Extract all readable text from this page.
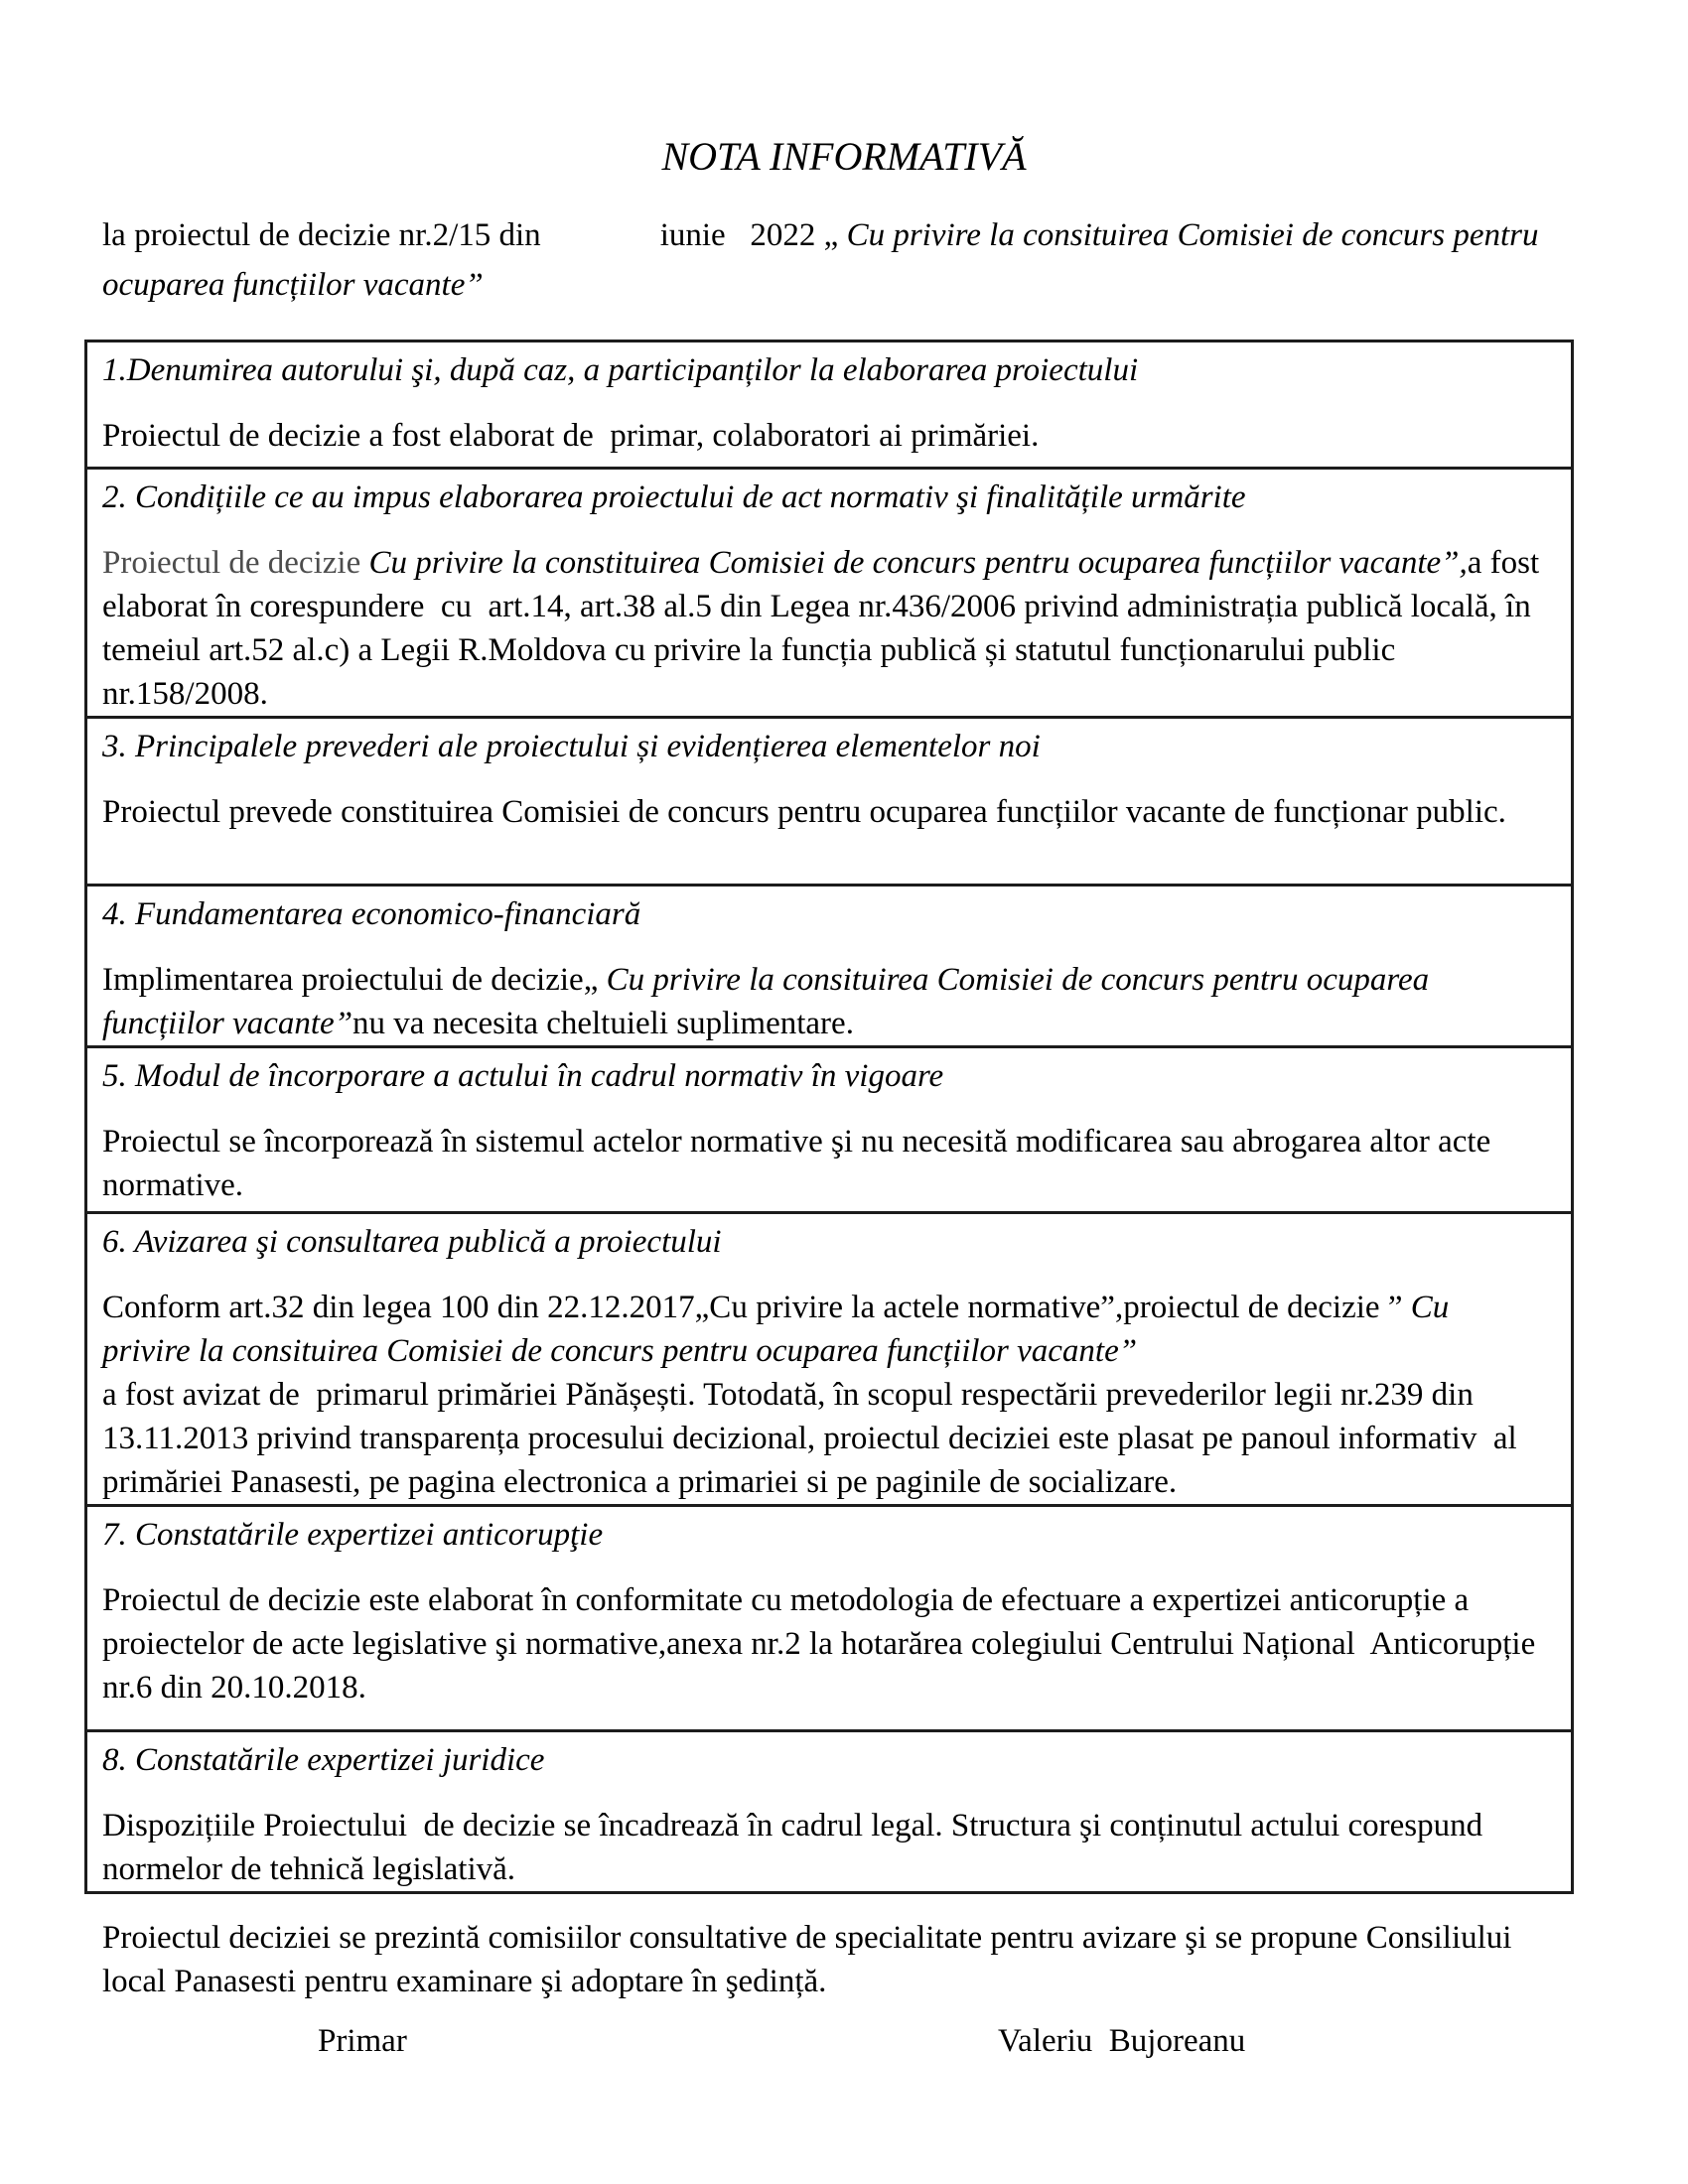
NOTA INFORMATIVĂ

la proiectul de decizie nr.2/15 din	iunie   2022 „ Cu privire la consituirea Comisiei de concurs pentru
ocuparea funcțiilor vacante”

1.Denumirea autorului şi, după caz, a participanților la elaborarea proiectului

Proiectul de decizie a fost elaborat de  primar, colaboratori ai primăriei.

2. Condițiile ce au impus elaborarea proiectului de act normativ şi finalitățile urmărite

Proiectul de decizie Cu privire la constituirea Comisiei de concurs pentru ocuparea funcțiilor vacante”,a fost elaborat în corespundere  cu  art.14, art.38 al.5 din Legea nr.436/2006 privind administrația publică locală, în temeiul art.52 al.c) a Legii R.Moldova cu privire la funcția publică și statutul funcționarului public nr.158/2008.

3. Principalele prevederi ale proiectului și evidențierea elementelor noi

Proiectul prevede constituirea Comisiei de concurs pentru ocuparea funcțiilor vacante de funcționar public.

4. Fundamentarea economico-financiară

Implimentarea proiectului de decizie„ Cu privire la consituirea Comisiei de concurs pentru ocuparea funcțiilor vacante”nu va necesita cheltuieli suplimentare.

5. Modul de încorporare a actului în cadrul normativ în vigoare

Proiectul se încorporează în sistemul actelor normative şi nu necesită modificarea sau abrogarea altor acte normative.

6. Avizarea şi consultarea publică a proiectului

Conform art.32 din legea 100 din 22.12.2017„Cu privire la actele normative”,proiectul de decizie ” Cu
privire la consituirea Comisiei de concurs pentru ocuparea funcțiilor vacante”

a fost avizat de  primarul primăriei Pănășești. Totodată, în scopul respectării prevederilor legii nr.239 din 13.11.2013 privind transparența procesului decizional, proiectul deciziei este plasat pe panoul informativ  al  primăriei Panasesti, pe pagina electronica a primariei si pe paginile de socializare.

7. Constatările expertizei anticorupţie

Proiectul de decizie este elaborat în conformitate cu metodologia de efectuare a expertizei anticorupție a proiectelor de acte legislative şi normative,anexa nr.2 la hotarărea colegiului Centrului Național  Anticorupție nr.6 din 20.10.2018.

8. Constatările expertizei juridice

Dispozițiile Proiectului  de decizie se încadrează în cadrul legal. Structura şi conținutul actului corespund normelor de tehnică legislativă.

Proiectul deciziei se prezintă comisiilor consultative de specialitate pentru avizare şi se propune Consiliului local Panasesti pentru examinare şi adoptare în şedință.

Primar	Valeriu  Bujoreanu
